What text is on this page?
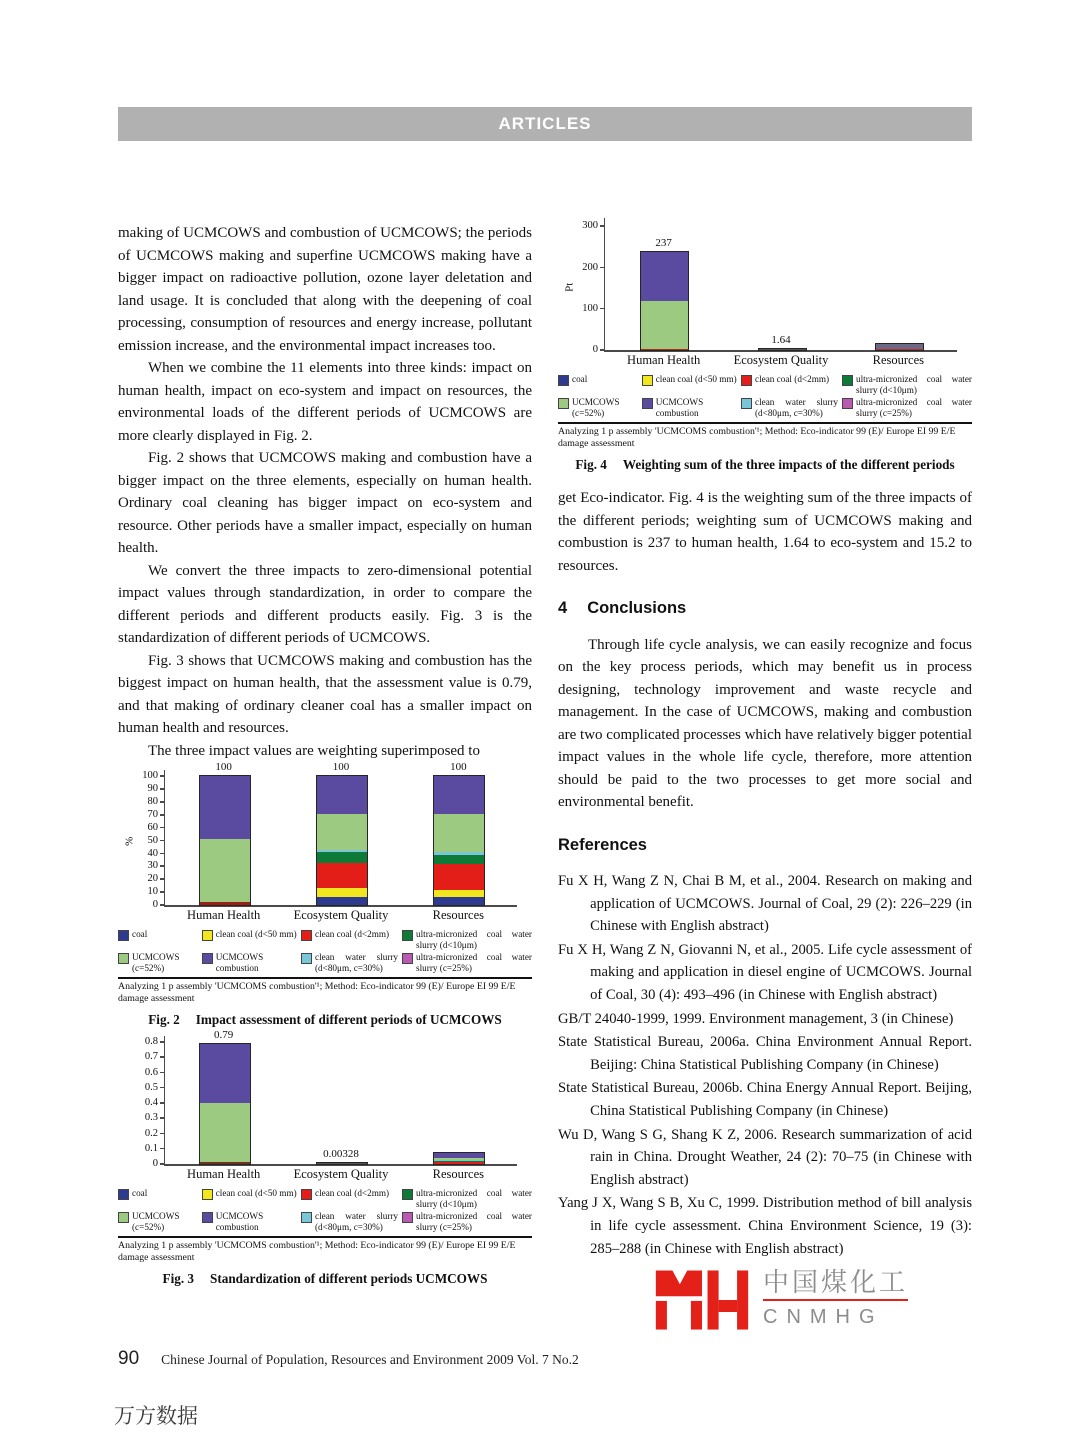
ARTICLES

making of UCMCOWS and combustion of UCMCOWS; the periods of UCMCOWS making and superfine UCMCOWS making have a bigger impact on radioactive pollution, ozone layer deletation and land usage. It is concluded that along with the deepening of coal processing, consumption of resources and energy increase, pollutant emission increase, and the environmental impact increases too.

When we combine the 11 elements into three kinds: impact on human health, impact on eco-system and impact on resources, the environmental loads of the different periods of UCMCOWS are more clearly displayed in Fig. 2.

Fig. 2 shows that UCMCOWS making and combustion have a bigger impact on the three elements, especially on human health. Ordinary coal cleaning has bigger impact on eco-system and resource. Other periods have a smaller impact, especially on human health.

We convert the three impacts to zero-dimensional potential impact values through standardization, in order to compare the different periods and different products easily. Fig. 3 is the standardization of different periods of UCMCOWS.

Fig. 3 shows that UCMCOWS making and combustion has the biggest impact on human health, that the assessment value is 0.79, and that making of ordinary cleaner coal has a smaller impact on human health and resources.

The three impact values are weighting superimposed to

0
10
20
30
40
50
60
70
80
90
100
%
100
Human Health
100
Ecosystem Quality
100
Resources
coal	clean coal (d<50 mm) clean coal (d<2mm)	ultra-micronized coal water slurry (d<10μm)
UCMCOWS (c=52%)
UCMCOWS combustion
clean water slurry (d<80μm, c=30%)
ultra-micronized coal water slurry (c=25%)
Analyzing 1 p assembly 'UCMCOMS combustion'¹; Method: Eco-indicator 99 (E)/ Europe EI 99 E/E damage assessment
Fig. 2 Impact assessment of different periods of UCMCOWS
0
0.1
0.2
0.3
0.4
0.5
0.6
0.7
0.8
0.79
Human Health
0.00328
Ecosystem Quality	Resources
coal	clean coal (d<50 mm) clean coal (d<2mm)	ultra-micronized coal water slurry (d<10μm)
UCMCOWS (c=52%)
UCMCOWS combustion
clean water slurry (d<80μm, c=30%)
ultra-micronized coal water slurry (c=25%)
Analyzing 1 p assembly 'UCMCOMS combustion'¹; Method: Eco-indicator 99 (E)/ Europe EI 99 E/E damage assessment
Fig. 3 Standardization of different periods UCMCOWS
0
100
200
300
Pt
237
Human Health
1.64
Ecosystem Quality	Resources
coal	clean coal (d<50 mm) clean coal (d<2mm)	ultra-micronized coal water slurry (d<10μm)
UCMCOWS (c=52%)
UCMCOWS combustion
clean water slurry (d<80μm, c=30%)
ultra-micronized coal water slurry (c=25%)
Analyzing 1 p assembly 'UCMCOMS combustion'¹; Method: Eco-indicator 99 (E)/ Europe EI 99 E/E damage assessment
Fig. 4 Weighting sum of the three impacts of the different periods

get Eco-indicator. Fig. 4 is the weighting sum of the three impacts of the different periods; weighting sum of UCMCOWS making and combustion is 237 to human health, 1.64 to eco-system and 15.2 to resources.

4 Conclusions

Through life cycle analysis, we can easily recognize and focus on the key process periods, which may benefit us in process designing, technology improvement and waste recycle and management. In the case of UCMCOWS, making and combustion are two complicated processes which have relatively bigger potential impact values in the whole life cycle, therefore, more attention should be paid to the two processes to get more social and environmental benefit.

References

Fu X H, Wang Z N, Chai B M, et al., 2004. Research on making and application of UCMCOWS. Journal of Coal, 29 (2): 226–229 (in Chinese with English abstract)

Fu X H, Wang Z N, Giovanni N, et al., 2005. Life cycle assessment of making and application in diesel engine of UCMCOWS. Journal of Coal, 30 (4): 493–496 (in Chinese with English abstract)

GB/T 24040-1999, 1999. Environment management, 3 (in Chinese)

State Statistical Bureau, 2006a. China Environment Annual Report. Beijing: China Statistical Publishing Company (in Chinese)

State Statistical Bureau, 2006b. China Energy Annual Report. Beijing, China Statistical Publishing Company (in Chinese)

Wu D, Wang S G, Shang K Z, 2006. Research summarization of acid rain in China. Drought Weather, 24 (2): 70–75 (in Chinese with English abstract)

Yang J X, Wang S B, Xu C, 1999. Distribution method of bill analysis in life cycle assessment. China Environment Science, 19 (3): 285–288 (in Chinese with English abstract)

中国煤化工
CNMHG
90 Chinese Journal of Population, Resources and Environment 2009 Vol. 7 No.2
万方数据
